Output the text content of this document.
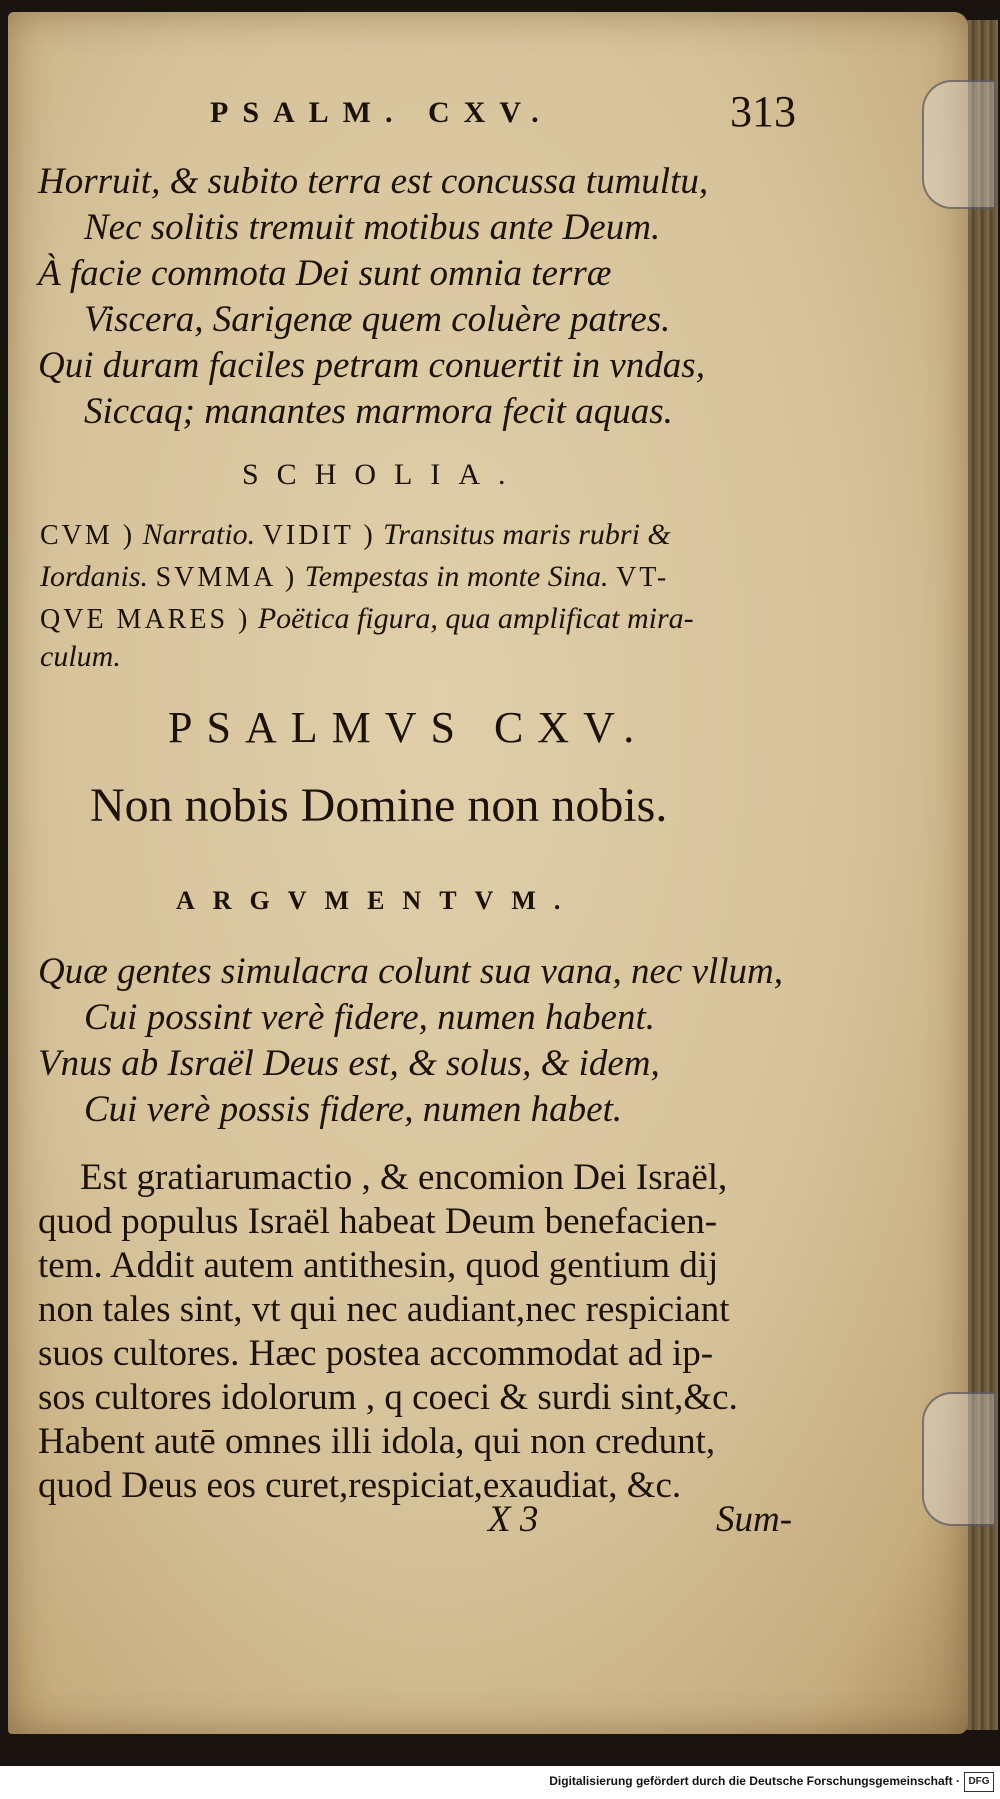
PSALM. CXV.	313
Horruit, & subito terra est concussa tumultu,
Nec solitis tremuit motibus ante Deum.
À facie commota Dei sunt omnia terræ
Viscera, Sarigenæ quem coluère patres.
Qui duram faciles petram conuertit in vndas,
Siccaq; manantes marmora fecit aquas.
SCHOLIA.
CVM ) Narratio. VIDIT ) Transitus maris rubri &
Iordanis. SVMMA ) Tempestas in monte Sina. VT-
QVE MARES ) Poëtica figura, qua amplificat mira-
culum.
PSALMVS CXV.
Non nobis Domine non nobis.
ARGVMENTVM.
Quæ gentes simulacra colunt sua vana, nec vllum,
Cui possint verè fidere, numen habent.
Vnus ab Israël Deus est, & solus, & idem,
Cui verè possis fidere, numen habet.
Est gratiarumactio , & encomion Dei Israël,
quod populus Israël habeat Deum benefacien-
tem. Addit autem antithesin, quod gentium dij
non tales sint, vt qui nec audiant,nec respiciant
suos cultores. Hæc postea accommodat ad ip-
sos cultores idolorum , q coeci & surdi sint,&c.
Habent autē omnes illi idola, qui non credunt,
quod Deus eos curet,respiciat,exaudiat, &c.
X 3	Sum-
Digitalisierung gefördert durch die Deutsche Forschungsgemeinschaft · DFG
